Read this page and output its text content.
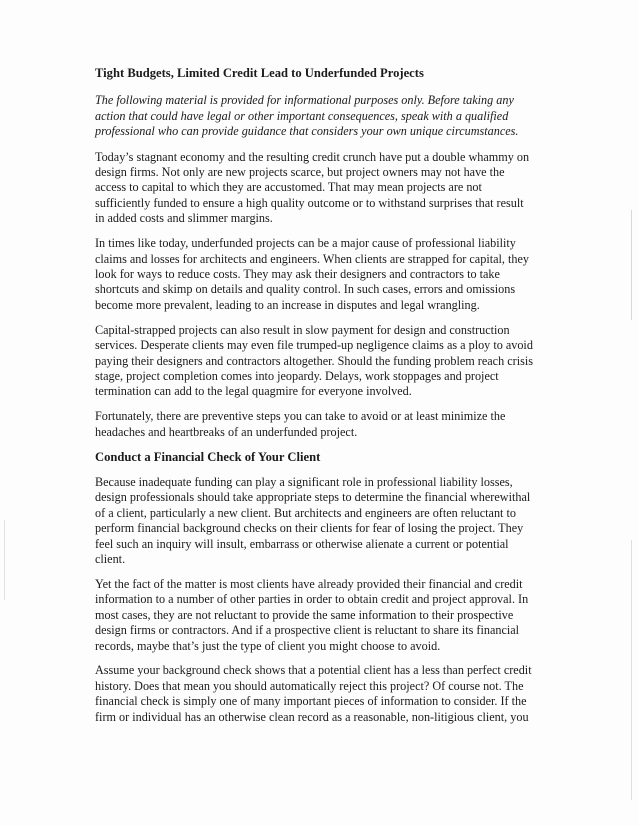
Tight Budgets, Limited Credit Lead to Underfunded Projects
The following material is provided for informational purposes only. Before taking any
action that could have legal or other important consequences, speak with a qualified
professional who can provide guidance that considers your own unique circumstances.
Today’s stagnant economy and the resulting credit crunch have put a double whammy on
design firms. Not only are new projects scarce, but project owners may not have the
access to capital to which they are accustomed. That may mean projects are not
sufficiently funded to ensure a high quality outcome or to withstand surprises that result
in added costs and slimmer margins.
In times like today, underfunded projects can be a major cause of professional liability
claims and losses for architects and engineers. When clients are strapped for capital, they
look for ways to reduce costs. They may ask their designers and contractors to take
shortcuts and skimp on details and quality control. In such cases, errors and omissions
become more prevalent, leading to an increase in disputes and legal wrangling.
Capital-strapped projects can also result in slow payment for design and construction
services. Desperate clients may even file trumped-up negligence claims as a ploy to avoid
paying their designers and contractors altogether. Should the funding problem reach crisis
stage, project completion comes into jeopardy. Delays, work stoppages and project
termination can add to the legal quagmire for everyone involved.
Fortunately, there are preventive steps you can take to avoid or at least minimize the
headaches and heartbreaks of an underfunded project.
Conduct a Financial Check of Your Client
Because inadequate funding can play a significant role in professional liability losses,
design professionals should take appropriate steps to determine the financial wherewithal
of a client, particularly a new client. But architects and engineers are often reluctant to
perform financial background checks on their clients for fear of losing the project. They
feel such an inquiry will insult, embarrass or otherwise alienate a current or potential
client.
Yet the fact of the matter is most clients have already provided their financial and credit
information to a number of other parties in order to obtain credit and project approval. In
most cases, they are not reluctant to provide the same information to their prospective
design firms or contractors. And if a prospective client is reluctant to share its financial
records, maybe that’s just the type of client you might choose to avoid.
Assume your background check shows that a potential client has a less than perfect credit
history. Does that mean you should automatically reject this project? Of course not. The
financial check is simply one of many important pieces of information to consider. If the
firm or individual has an otherwise clean record as a reasonable, non-litigious client, you
